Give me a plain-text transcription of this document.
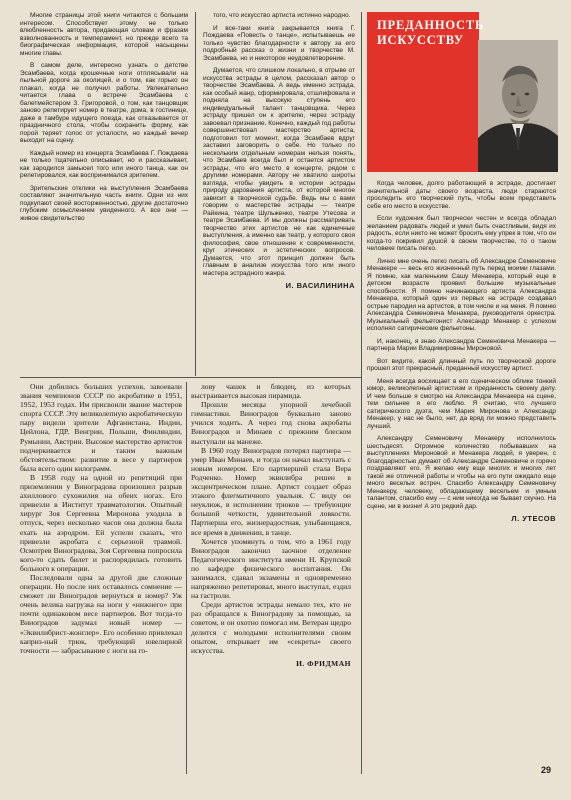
Многие страницы этой книги читаются с большим интересом. Способствует этому не только влюбленность автора, придающая словам и фразам взволнованность и темперамент, но прежде всего та биографическая информация, которой насыщены многие главы.

В самом деле, интересно узнать о детстве Эсамбаева, когда крошечные ноги отплясывали на пыльной дороге за околицей, и о том, как горько он плакал, когда не получил работы. Увлекательно читается глава о встрече Эсамбаева с балетмейстером З. Григоровой, о том, как танцовщик заново репетирует номер в театре, дома, в гостинице, даже в тамбуре идущего поезда, как отказывается от праздничного стола, чтобы сохранить форму, как порой теряет голос от усталости, но каждый вечер выходит на сцену.

Каждый номер из концерта Эсамбаева Г. Пождаева не только тщательно описывает, но и рассказывает, как зародился замысел того или иного танца, как он репетировался, как воспринимался зрителем.

Зрительские отклики на выступления Эсамбаева составляют значительную часть книги. Одни из них подкупают своей восторженностью, другие достаточно глубоким осмыслением увиденного. А все они — живое свидетельство

того, что искусство артиста истинно народно.

И все-таки книга закрывается книга Г. Пождаева «Повесть о танце», испытываешь не только чувство благодарности к автору за его подробный рассказ о жизни и творчестве М. Эсамбаева, но и некоторое неудовлетворение.

Думается, что слишком локально, в отрыве от искусства эстрады в целом, рассказал автор о творчестве Эсамбаева. А ведь именно эстрада, как особый жанр, сформировала, отшлифовала и подняла на высокую ступень его индивидуальный талант танцовщика. Через эстраду пришел он к зрителю, через эстраду завоевал признание. Конечно, каждый год работы совершенствовал мастерство артиста, подготовил тот момент, когда Эсамбаев вдруг заставил заговорить о себе. Но только по нескольким отдельным номерам нельзя понять, что Эсамбаев всегда был и остается артистом эстрады, что его место в концерте, рядом с другими номерами. Автору не хватило широты взгляда, чтобы увидеть в истории эстрады природу дарования артиста, от которой многое зависит в творческой судьбе. Ведь мы с вами говорим о мастерстве эстрады — театре Райкина, театре Шульженко, театре Утесова и театре Эсамбаева. И мы должны рассматривать творчество этих артистов не как единичные выступления, а именно как театр, у которого своя философия, свое отношение к современности, круг этических и эстетических вопросов. Думается, что этот принцип должен быть главным в анализе искусства того или иного мастера эстрадного жанра.

И. ВАСИЛИНИНА
ПРЕДАННОСТЬ ИСКУССТВУ

Когда человек, долго работающий в эстраде, достигает значительной даты своего возраста, люди стараются проследить его творческий путь, чтобы всем представить себе его место в искусстве.

Если художник был творчески честен и всегда обладал желанием радовать людей и умел быть счастливым, видя их радость, если никто не может бросить ему упрек в том, что он когда-то покривил душой в своем творчестве, то о таком человеке писать легко.

Лично мне очень легко писать об Александре Семеновиче Менакере — весь его жизненный путь перед моими глазами. Я помню, как маленьким Сашу Менакера, который еще в детском возрасте проявил большие музыкальные способности. Я помню начинающего артиста Александра Менакера, который один из первых на эстраде создавал острые пародии на артистов, в том числе и на меня. Я помню Александра Семеновича Менакера, руководителя оркестра. Музыкальный фельетонист Александр Менакер с успехом исполнял сатирические фельетоны.

И, наконец, я знаю Александра Семеновича Менакера — партнера Марии Владимировны Мироновой.

Вот видите, какой длинный путь по творческой дороге прошел этот прекрасный, преданный искусству артист.

Меня всегда восхищает в его сценическом облике тонкий юмор, великолепный артистизм и преданность своему делу. И чем больше я смотрю на Александра Менакера на сцене, тем сильнее я его люблю. Я считаю, что лучшего сатирического дуэта, чем Мария Миронова и Александр Менакер, у нас не было, нет, да вряд ли можно представить лучший.

Александру Семеновичу Менакеру исполнилось шестьдесят. Огромное количество побывавших на выступлениях Мироновой и Менакера людей, я уверен, с благодарностью думают об Александре Семеновиче и горячо поздравляют его. Я желаю ему еще многих и многих лет такой же отличной работы и чтобы на его пути ожидало еще много веселых встреч. Спасибо Александру Семеновичу Менакеру, человеку, обладающему весельем и умным талантом, спасибо ему — с ним никогда не бывает скучно. На сцене, ни в жизни! А это редкий дар.

Л. УТЕСОВ

Они добились больших успехов, завоевали звания чемпионов СССР по акробатике в 1951, 1952, 1953 годах. Им присвоили звание мастеров спорта СССР. Эту великолепную акробатическую пару видели зрители Афганистана, Индии, Цейлона, ГДР, Венгрии, Польши, Финляндии, Румынии, Австрии. Высокое мастерство артистов подчеркивается и таким важным обстоятельством: развитие в весе у партнеров была всего один килограмм.

В 1958 году на одной из репетиций при приземлении у Виноградова произошел разрыв ахиллового сухожилия на обеих ногах. Его привезли в Институт травматологии. Опытный хирург Зоя Сергеевна Миронова уходила в отпуск, через несколько часов она должна была ехать на аэродром. Ей успели сказать, что привезли акробата с серьезной травмой. Осмотрев Виноградова, Зоя Сергеевна попросила кого-то сдать билет и распорядилась готовить больного к операции.

Последовали одна за другой две сложные операции. Но после них оставалось сомнение — сможет ли Виноградов вернуться в номер? Уж очень велика нагрузка на ноги у «нижнего» при почти одинаковом весе партнеров. Вот тогда-то Виноградов задумал новый номер — «Эквилибрист-жонглер». Его особенно привлекал каприз-ный трюк, требующий ювелирной точности — забрасывание с ноги на го-

лову чашек и блюдец, из которых выстраивается высокая пирамида.

Прошли месяцы упорной лечебной гимнастики. Виноградов буквально заново учился ходить. А через год снова акробаты Виноградов и Минаев с прежним блеском выступали на манеже.

В 1960 году Виноградов потерял партнера — умер Иван Минаев, и тогда он начал выступать с новым номером. Его партнершей стала Вера Родченко. Номер эквилибра решен в эксцентрическом плане. Артист создает образ этакого флегматичного увальня. С виду он неуклюж, в исполнении трюков — требующие большой четкости, удивительной ловкости. Партнерша его, жизнерадостная, улыбающаяся, все время в движении, в танце.

Хочется упомянуть о том, что в 1961 году Виноградов закончил заочное отделение Педагогического института имени Н. Крупской по кафедре физического воспитания. Он занимался, сдавал экзамены и одновременно напряженно репетировал, много выступал, ездил на гастроли.

Среди артистов эстрады немало тех, кто не раз обращался к Виноградову за помощью, за советом, и он охотно помогал им. Ветеран щедро делится с молодыми исполнителями своим опытом, открывает им «секреты» своего искусства.

И. ФРИДМАН
29
